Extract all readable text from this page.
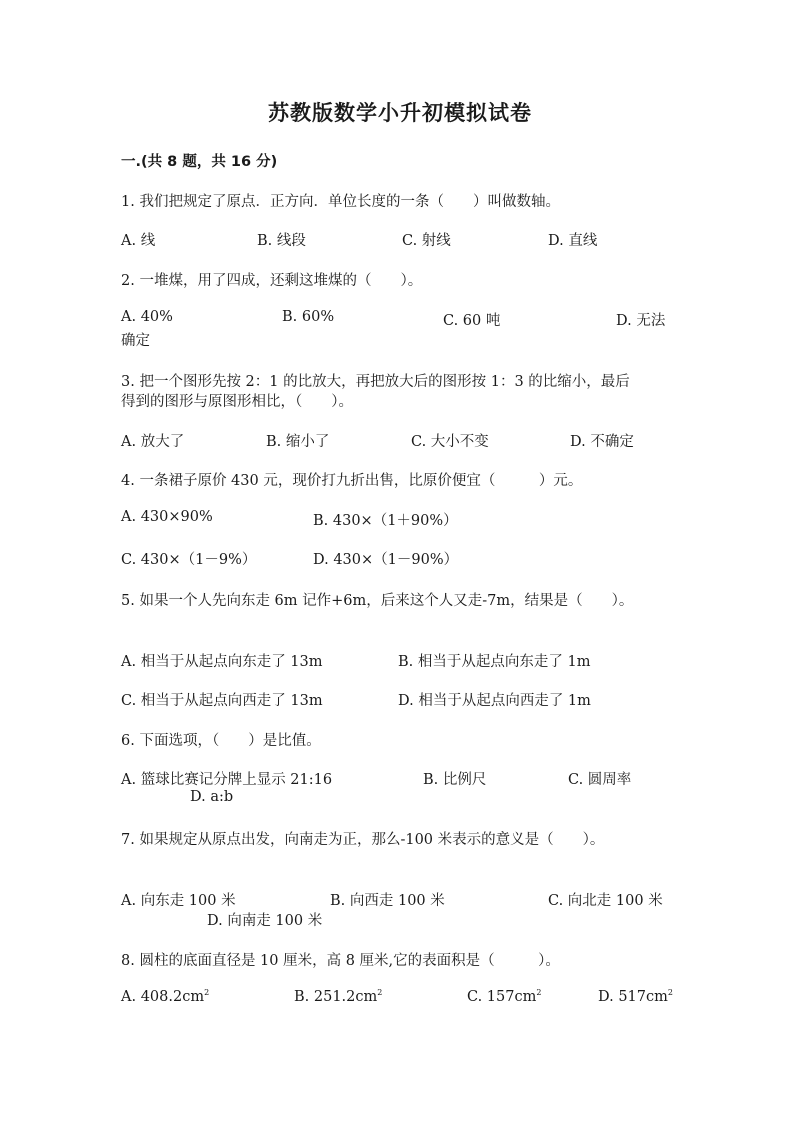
苏教版数学小升初模拟试卷
一.(共 8 题，共 16 分)
1. 我们把规定了原点．正方向．单位长度的一条（　　）叫做数轴。
A. 线	B. 线段	C. 射线	D. 直线
2. 一堆煤，用了四成，还剩这堆煤的（　　）。
A. 40%	B. 60%	C. 60 吨	D. 无法
确定
3. 把一个图形先按 2：1 的比放大，再把放大后的图形按 1：3 的比缩小，最后
得到的图形与原图形相比，（　　）。
A. 放大了	B. 缩小了	C. 大小不变	D. 不确定
4. 一条裙子原价 430 元，现价打九折出售，比原价便宜（　　　）元。
A. 430×90%	B. 430×（1＋90%）
C. 430×（1－9%）	D. 430×（1－90%）
5. 如果一个人先向东走 6m 记作+6m，后来这个人又走-7m，结果是（　　）。
A. 相当于从起点向东走了 13m	B. 相当于从起点向东走了 1m
C. 相当于从起点向西走了 13m	D. 相当于从起点向西走了 1m
6. 下面选项，（　　）是比值。
A. 篮球比赛记分牌上显示 21:16	B. 比例尺	C. 圆周率
D. a:b
7. 如果规定从原点出发，向南走为正，那么-100 米表示的意义是（　　）。
A. 向东走 100 米	B. 向西走 100 米	C. 向北走 100 米
D. 向南走 100 米
8. 圆柱的底面直径是 10 厘米，高 8 厘米,它的表面积是（　　　）。
A. $408.2cm^2$	B. $251.2cm^2$	C. $157cm^2$	D. $517cm^2$
